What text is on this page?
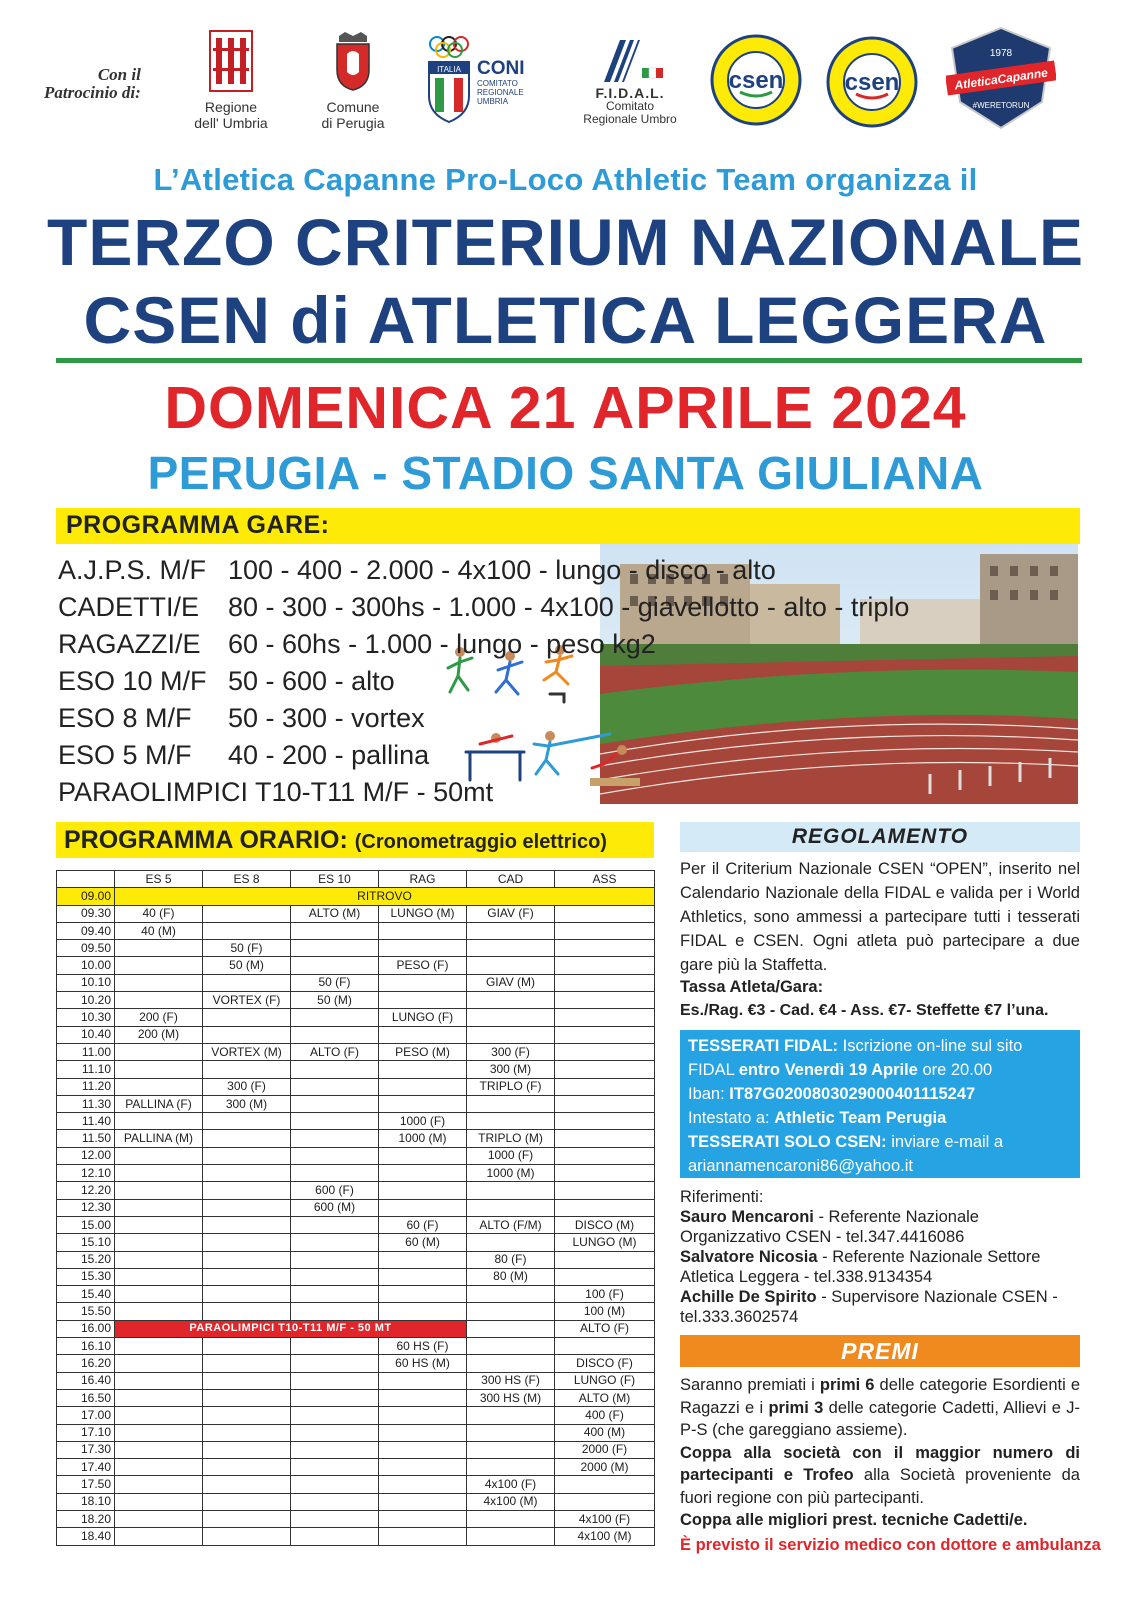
Con il
Patrocinio di:
Regione
dell' Umbria
Comune
di Perugia
ITALIA CONI
COMITATO
REGIONALE
UMBRIA
F.I.D.A.L.
Comitato
Regionale Umbro
csen	csen
1978
AtleticaCapanne
#WERETORUN
L’Atletica Capanne Pro-Loco Athletic Team organizza il
TERZO CRITERIUM NAZIONALE
CSEN di ATLETICA LEGGERA
DOMENICA 21 APRILE 2024
PERUGIA - STADIO SANTA GIULIANA
PROGRAMMA GARE:
A.J.P.S. M/F 100 - 400 - 2.000 - 4x100 - lungo - disco - alto
CADETTI/E 80 - 300 - 300hs - 1.000 - 4x100 - giavellotto - alto - triplo
RAGAZZI/E 60 - 60hs - 1.000 - lungo - peso kg2
ESO 10 M/F 50 - 600 - alto
ESO 8 M/F 50 - 300 - vortex
ESO 5 M/F 40 - 200 - pallina
PARAOLIMPICI T10-T11 M/F - 50mt
PROGRAMMA ORARIO: (Cronometraggio elettrico)
	ES 5	ES 8	ES 10	RAG	CAD	ASS
09.00	RITROVO					
09.30	40 (F)		ALTO (M)	LUNGO (M)	GIAV (F)	
09.40	40 (M)					
09.50		50 (F)				
10.00		50 (M)		PESO (F)		
10.10			50 (F)		GIAV (M)	
10.20		VORTEX (F)	50 (M)			
10.30	200 (F)			LUNGO (F)		
10.40	200 (M)					
11.00		VORTEX (M)	ALTO (F)	PESO (M)	300 (F)	
11.10					300 (M)	
11.20		300 (F)			TRIPLO (F)	
11.30	PALLINA (F)	300 (M)				
11.40				1000 (F)		
11.50	PALLINA (M)			1000 (M)	TRIPLO (M)	
12.00					1000 (F)	
12.10					1000 (M)	
12.20			600 (F)			
12.30			600 (M)			
15.00				60 (F)	ALTO (F/M)	DISCO (M)
15.10				60 (M)		LUNGO (M)
15.20					80 (F)	
15.30					80 (M)	
15.40						100 (F)
15.50						100 (M)
16.00	PARAOLIMPICI T10-T11 M/F - 50 MT					ALTO (F)
16.10				60 HS (F)		
16.20				60 HS (M)		DISCO (F)
16.40					300 HS (F)	LUNGO (F)
16.50					300 HS (M)	ALTO (M)
17.00						400 (F)
17.10						400 (M)
17.30						2000 (F)
17.40						2000 (M)
17.50					4x100 (F)	
18.10					4x100 (M)	
18.20						4x100 (F)
18.40						4x100 (M)
REGOLAMENTO
Per il Criterium Nazionale CSEN “OPEN”, inserito nel Calendario Nazionale della FIDAL e valida per i World Athletics, sono ammessi a partecipare tutti i tesserati FIDAL e CSEN. Ogni atleta può partecipare a due gare più la Staffetta.
Tassa Atleta/Gara:
Es./Rag. €3 - Cad. €4 - Ass. €7- Steffette €7 l’una.
TESSERATI FIDAL: Iscrizione on-line sul sito FIDAL entro Venerdì 19 Aprile ore 20.00
Iban: IT87G0200803029000401115247
Intestato a: Athletic Team Perugia
TESSERATI SOLO CSEN: inviare e-mail a
ariannamencaroni86@yahoo.it
Riferimenti:
Sauro Mencaroni - Referente Nazionale Organizzativo CSEN - tel.347.4416086
Salvatore Nicosia - Referente Nazionale Settore Atletica Leggera - tel.338.9134354
Achille De Spirito - Supervisore Nazionale CSEN - tel.333.3602574
PREMI
Saranno premiati i primi 6 delle categorie Esordienti e Ragazzi e i primi 3 delle categorie Cadetti, Allievi e J-P-S (che gareggiano assieme).
Coppa alla società con il maggior numero di partecipanti e Trofeo alla Società proveniente da fuori regione con più partecipanti.
Coppa alle migliori prest. tecniche Cadetti/e.
È previsto il servizio medico con dottore e ambulanza
